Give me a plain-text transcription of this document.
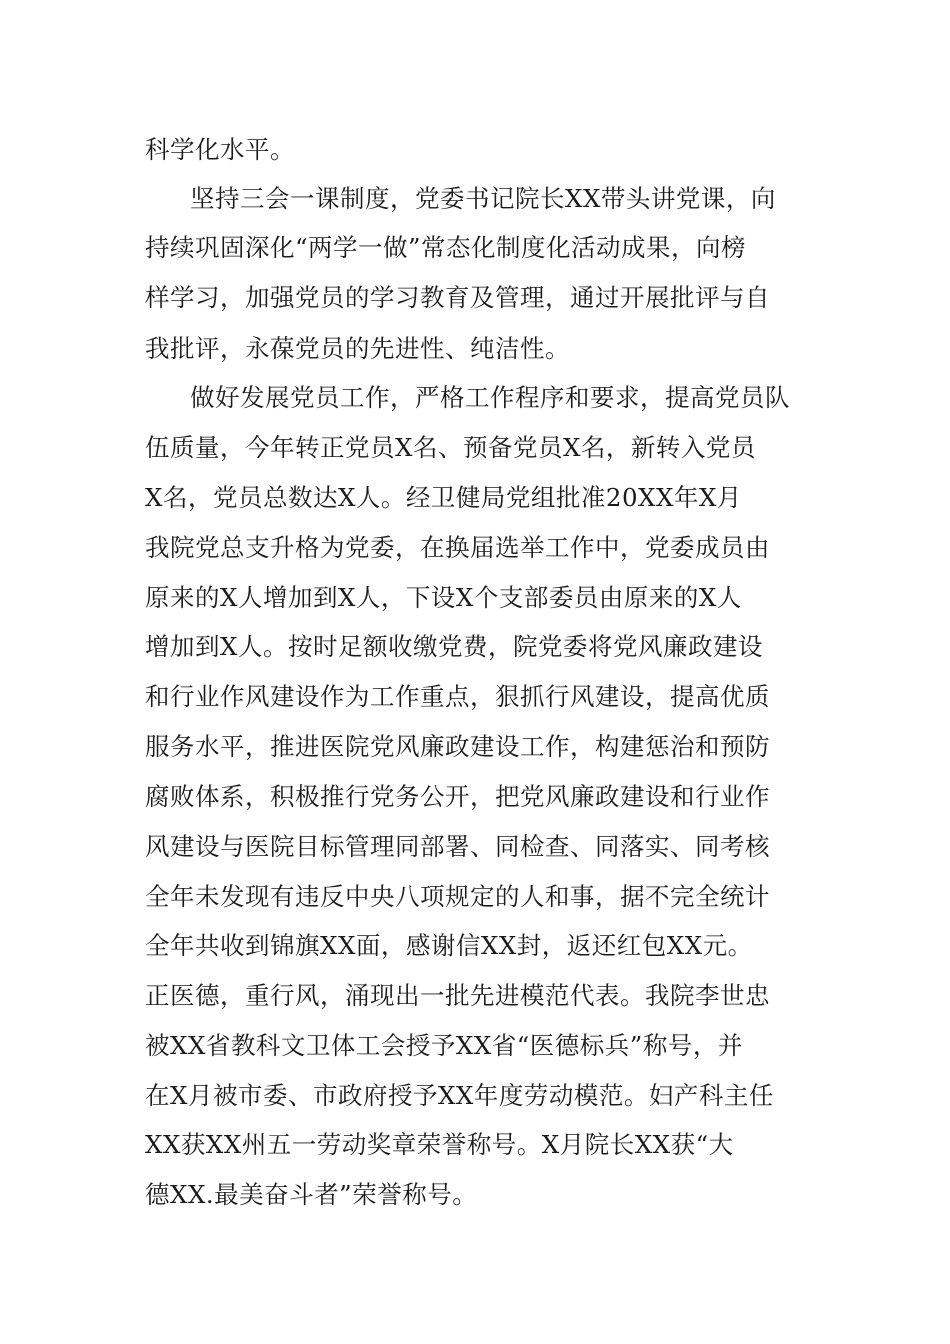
科学化水平。
坚持三会一课制度，党委书记院长XX带头讲党课，向
持续巩固深化“两学一做”常态化制度化活动成果，向榜
样学习，加强党员的学习教育及管理，通过开展批评与自
我批评，永葆党员的先进性、纯洁性。
做好发展党员工作，严格工作程序和要求，提高党员队
伍质量，今年转正党员X名、预备党员X名，新转入党员
X名，党员总数达X人。经卫健局党组批准20XX年X月
我院党总支升格为党委，在换届选举工作中，党委成员由
原来的X人增加到X人，下设X个支部委员由原来的X人
增加到X人。按时足额收缴党费，院党委将党风廉政建设
和行业作风建设作为工作重点，狠抓行风建设，提高优质
服务水平，推进医院党风廉政建设工作，构建惩治和预防
腐败体系，积极推行党务公开，把党风廉政建设和行业作
风建设与医院目标管理同部署、同检查、同落实、同考核
全年未发现有违反中央八项规定的人和事，据不完全统计
全年共收到锦旗XX面，感谢信XX封，返还红包XX元。
正医德，重行风，涌现出一批先进模范代表。我院李世忠
被XX省教科文卫体工会授予XX省“医德标兵”称号，并
在X月被市委、市政府授予XX年度劳动模范。妇产科主任
XX获XX州五一劳动奖章荣誉称号。X月院长XX获“大
德XX.最美奋斗者”荣誉称号。
